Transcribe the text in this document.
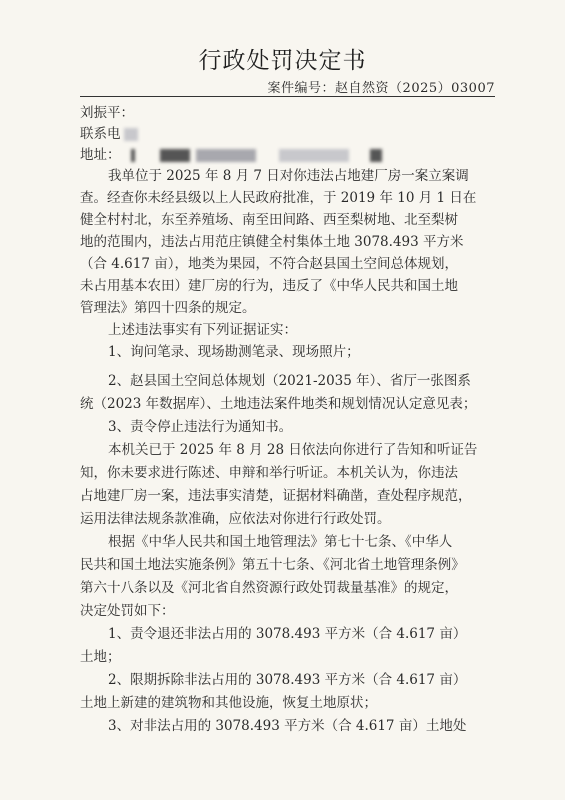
行政处罚决定书
案件编号：赵自然资（2025）03007
刘振平：
联系电
地址：
我单位于 2025 年 8 月 7 日对你违法占地建厂房一案立案调
查。经查你未经县级以上人民政府批准，于 2019 年 10 月 1 日在
健全村村北，东至养殖场、南至田间路、西至梨树地、北至梨树
地的范围内，违法占用范庄镇健全村集体土地 3078.493 平方米
（合 4.617 亩），地类为果园，不符合赵县国土空间总体规划，
未占用基本农田）建厂房的行为，违反了《中华人民共和国土地
管理法》第四十四条的规定。
上述违法事实有下列证据证实：
1、询问笔录、现场勘测笔录、现场照片；
2、赵县国土空间总体规划（2021-2035 年）、省厅一张图系
统（2023 年数据库）、土地违法案件地类和规划情况认定意见表；
3、责令停止违法行为通知书。
本机关已于 2025 年 8 月 28 日依法向你进行了告知和听证告
知，你未要求进行陈述、申辩和举行听证。本机关认为，你违法
占地建厂房一案，违法事实清楚，证据材料确凿，查处程序规范，
运用法律法规条款准确，应依法对你进行行政处罚。
根据《中华人民共和国土地管理法》第七十七条、《中华人
民共和国土地法实施条例》第五十七条、《河北省土地管理条例》
第六十八条以及《河北省自然资源行政处罚裁量基准》的规定，
决定处罚如下：
1、责令退还非法占用的 3078.493 平方米（合 4.617 亩）
土地；
2、限期拆除非法占用的 3078.493 平方米（合 4.617 亩）
土地上新建的建筑物和其他设施，恢复土地原状；
3、对非法占用的 3078.493 平方米（合 4.617 亩）土地处
